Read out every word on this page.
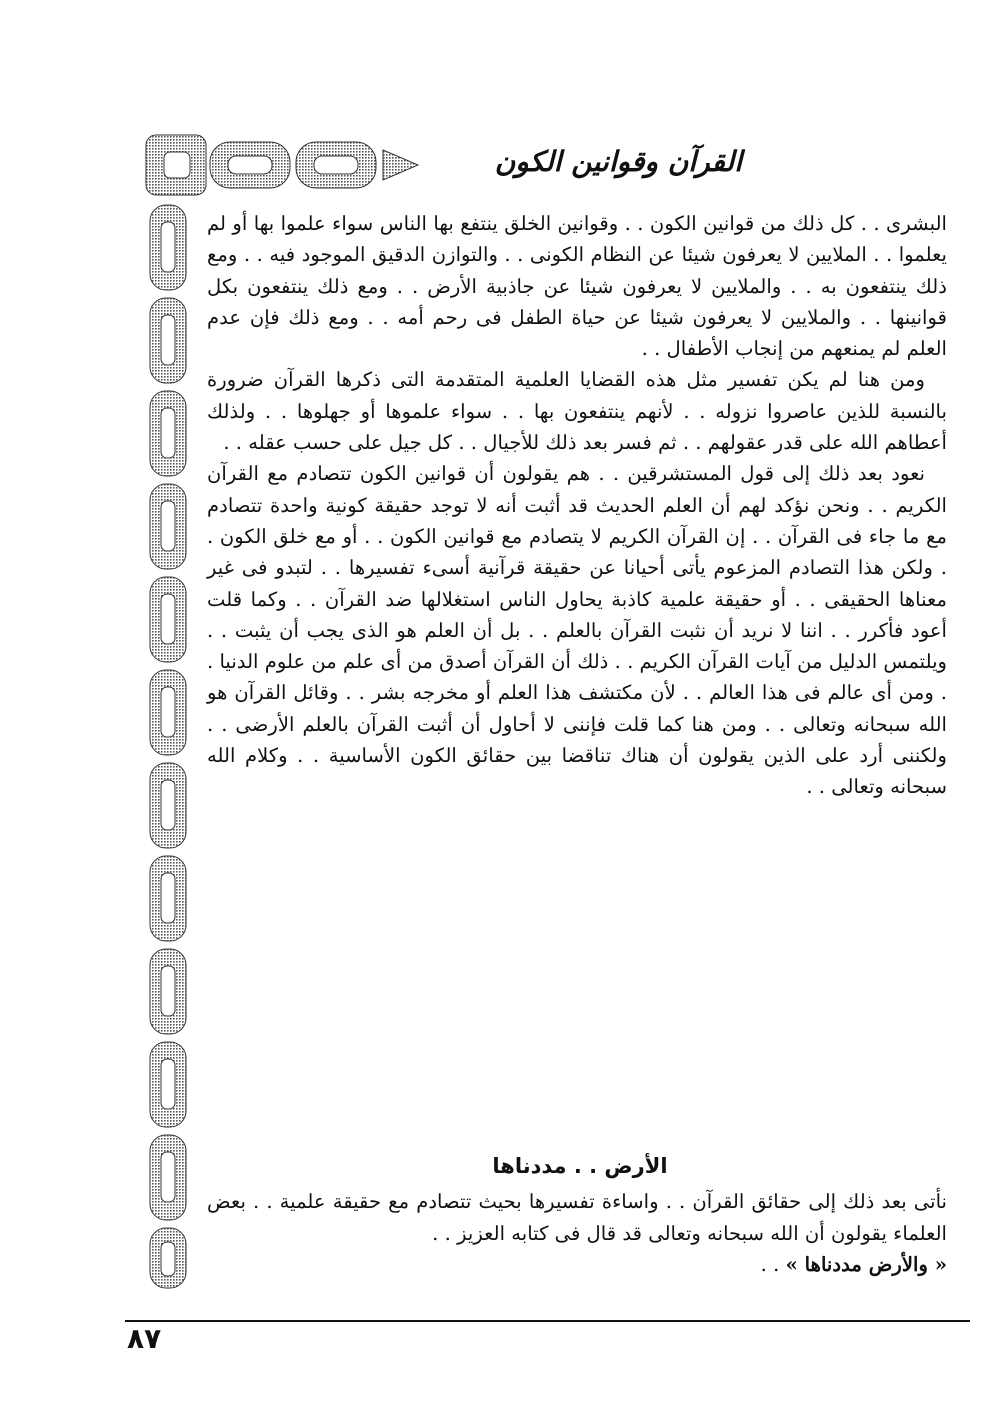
القرآن وقوانين الكون

البشرى . . كل ذلك من قوانين الكون . . وقوانين الخلق ينتفع بها الناس سواء علموا بها أو لم يعلموا . . الملايين لا يعرفون شيئا عن النظام الكونى . . والتوازن الدقيق الموجود فيه . . ومع ذلك ينتفعون به . . والملايين لا يعرفون شيئا عن جاذبية الأرض . . ومع ذلك ينتفعون بكل قوانينها . . والملايين لا يعرفون شيئا عن حياة الطفل فى رحم أمه . . ومع ذلك فإن عدم العلم لم يمنعهم من إنجاب الأطفال . .

ومن هنا لم يكن تفسير مثل هذه القضايا العلمية المتقدمة التى ذكرها القرآن ضرورة بالنسبة للذين عاصروا نزوله . . لأنهم ينتفعون بها . . سواء علموها أو جهلوها . . ولذلك أعطاهم الله على قدر عقولهم . . ثم فسر بعد ذلك للأجيال . . كل جيل على حسب عقله . .

نعود بعد ذلك إلى قول المستشرقين . . هم يقولون أن قوانين الكون تتصادم مع القرآن الكريم . . ونحن نؤكد لهم أن العلم الحديث قد أثبت أنه لا توجد حقيقة كونية واحدة تتصادم مع ما جاء فى القرآن . . إن القرآن الكريم لا يتصادم مع قوانين الكون . . أو مع خلق الكون . . ولكن هذا التصادم المزعوم يأتى أحيانا عن حقيقة قرآنية أسىء تفسيرها . . لتبدو فى غير معناها الحقيقى . . أو حقيقة علمية كاذبة يحاول الناس استغلالها ضد القرآن . . وكما قلت أعود فأكرر . . اننا لا نريد أن نثبت القرآن بالعلم . . بل أن العلم هو الذى يجب أن يثبت . . ويلتمس الدليل من آيات القرآن الكريم . . ذلك أن القرآن أصدق من أى علم من علوم الدنيا . . ومن أى عالم فى هذا العالم . . لأن مكتشف هذا العلم أو مخرجه بشر . . وقائل القرآن هو الله سبحانه وتعالى . . ومن هنا كما قلت فإننى لا أحاول أن أثبت القرآن بالعلم الأرضى . . ولكننى أرد على الذين يقولون أن هناك تناقضا بين حقائق الكون الأساسية . . وكلام الله سبحانه وتعالى . .

الأرض . . مددناها

نأتى بعد ذلك إلى حقائق القرآن . . واساءة تفسيرها بحيث تتصادم مع حقيقة علمية . . بعض العلماء يقولون أن الله سبحانه وتعالى قد قال فى كتابه العزيز . .

« والأرض مددناها » . .

٨٧
